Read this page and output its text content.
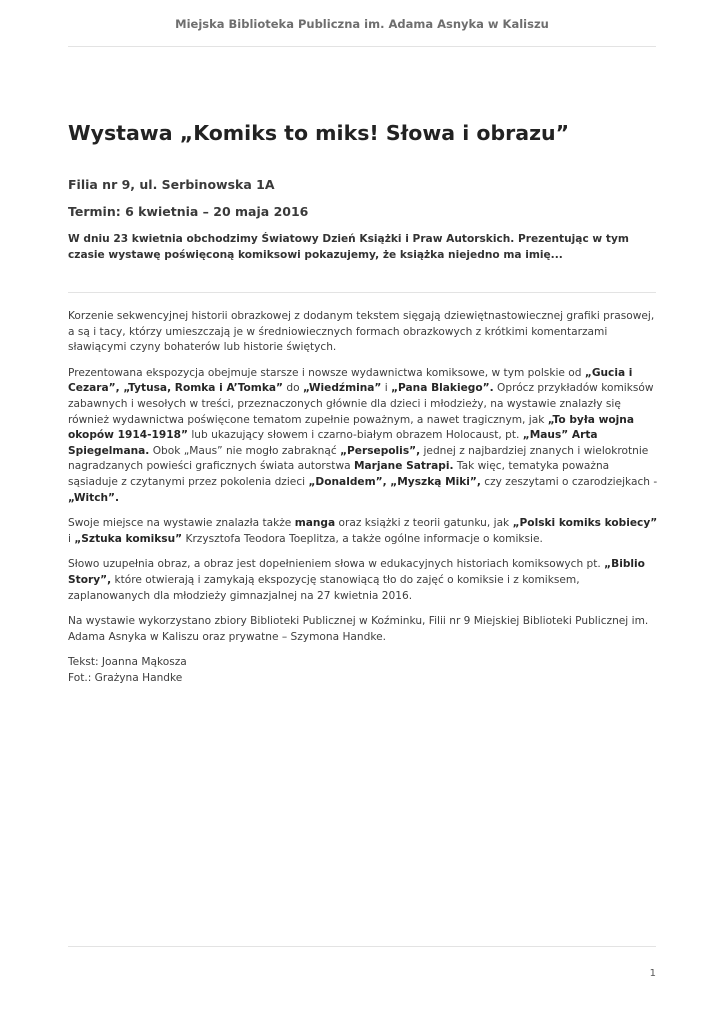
Miejska Biblioteka Publiczna im. Adama Asnyka w Kaliszu
Wystawa „Komiks to miks! Słowa i obrazu”
Filia nr 9, ul. Serbinowska 1A
Termin: 6 kwietnia – 20 maja 2016

W dniu 23 kwietnia obchodzimy Światowy Dzień Książki i Praw Autorskich. Prezentując w tym czasie wystawę poświęconą komiksowi pokazujemy, że książka niejedno ma imię...

Korzenie sekwencyjnej historii obrazkowej z dodanym tekstem sięgają dziewiętnastowiecznej grafiki prasowej, a są i tacy, którzy umieszczają je w średniowiecznych formach obrazkowych z krótkimi komentarzami sławiącymi czyny bohaterów lub historie świętych.

Prezentowana ekspozycja obejmuje starsze i nowsze wydawnictwa komiksowe, w tym polskie od „Gucia i Cezara”, „Tytusa, Romka i A’Tomka” do „Wiedźmina” i „Pana Blakiego”. Oprócz przykładów komiksów zabawnych i wesołych w treści, przeznaczonych głównie dla dzieci i młodzieży, na wystawie znalazły się również wydawnictwa poświęcone tematom zupełnie poważnym, a nawet tragicznym, jak „To była wojna okopów 1914-1918” lub ukazujący słowem i czarno-białym obrazem Holocaust, pt. „Maus” Arta Spiegelmana. Obok „Maus” nie mogło zabraknąć „Persepolis”, jednej z najbardziej znanych i wielokrotnie nagradzanych powieści graficznych świata autorstwa Marjane Satrapi. Tak więc, tematyka poważna sąsiaduje z czytanymi przez pokolenia dzieci „Donaldem”, „Myszką Miki”, czy zeszytami o czarodziejkach - „Witch”.

Swoje miejsce na wystawie znalazła także manga oraz książki z teorii gatunku, jak „Polski komiks kobiecy” i „Sztuka komiksu” Krzysztofa Teodora Toeplitza, a także ogólne informacje o komiksie.

Słowo uzupełnia obraz, a obraz jest dopełnieniem słowa w edukacyjnych historiach komiksowych pt. „Biblio Story”, które otwierają i zamykają ekspozycję stanowiącą tło do zajęć o komiksie i z komiksem, zaplanowanych dla młodzieży gimnazjalnej na 27 kwietnia 2016.

Na wystawie wykorzystano zbiory Biblioteki Publicznej w Koźminku, Filii nr 9 Miejskiej Biblioteki Publicznej im. Adama Asnyka w Kaliszu oraz prywatne – Szymona Handke.

Tekst: Joanna Mąkosza
Fot.: Grażyna Handke

1
